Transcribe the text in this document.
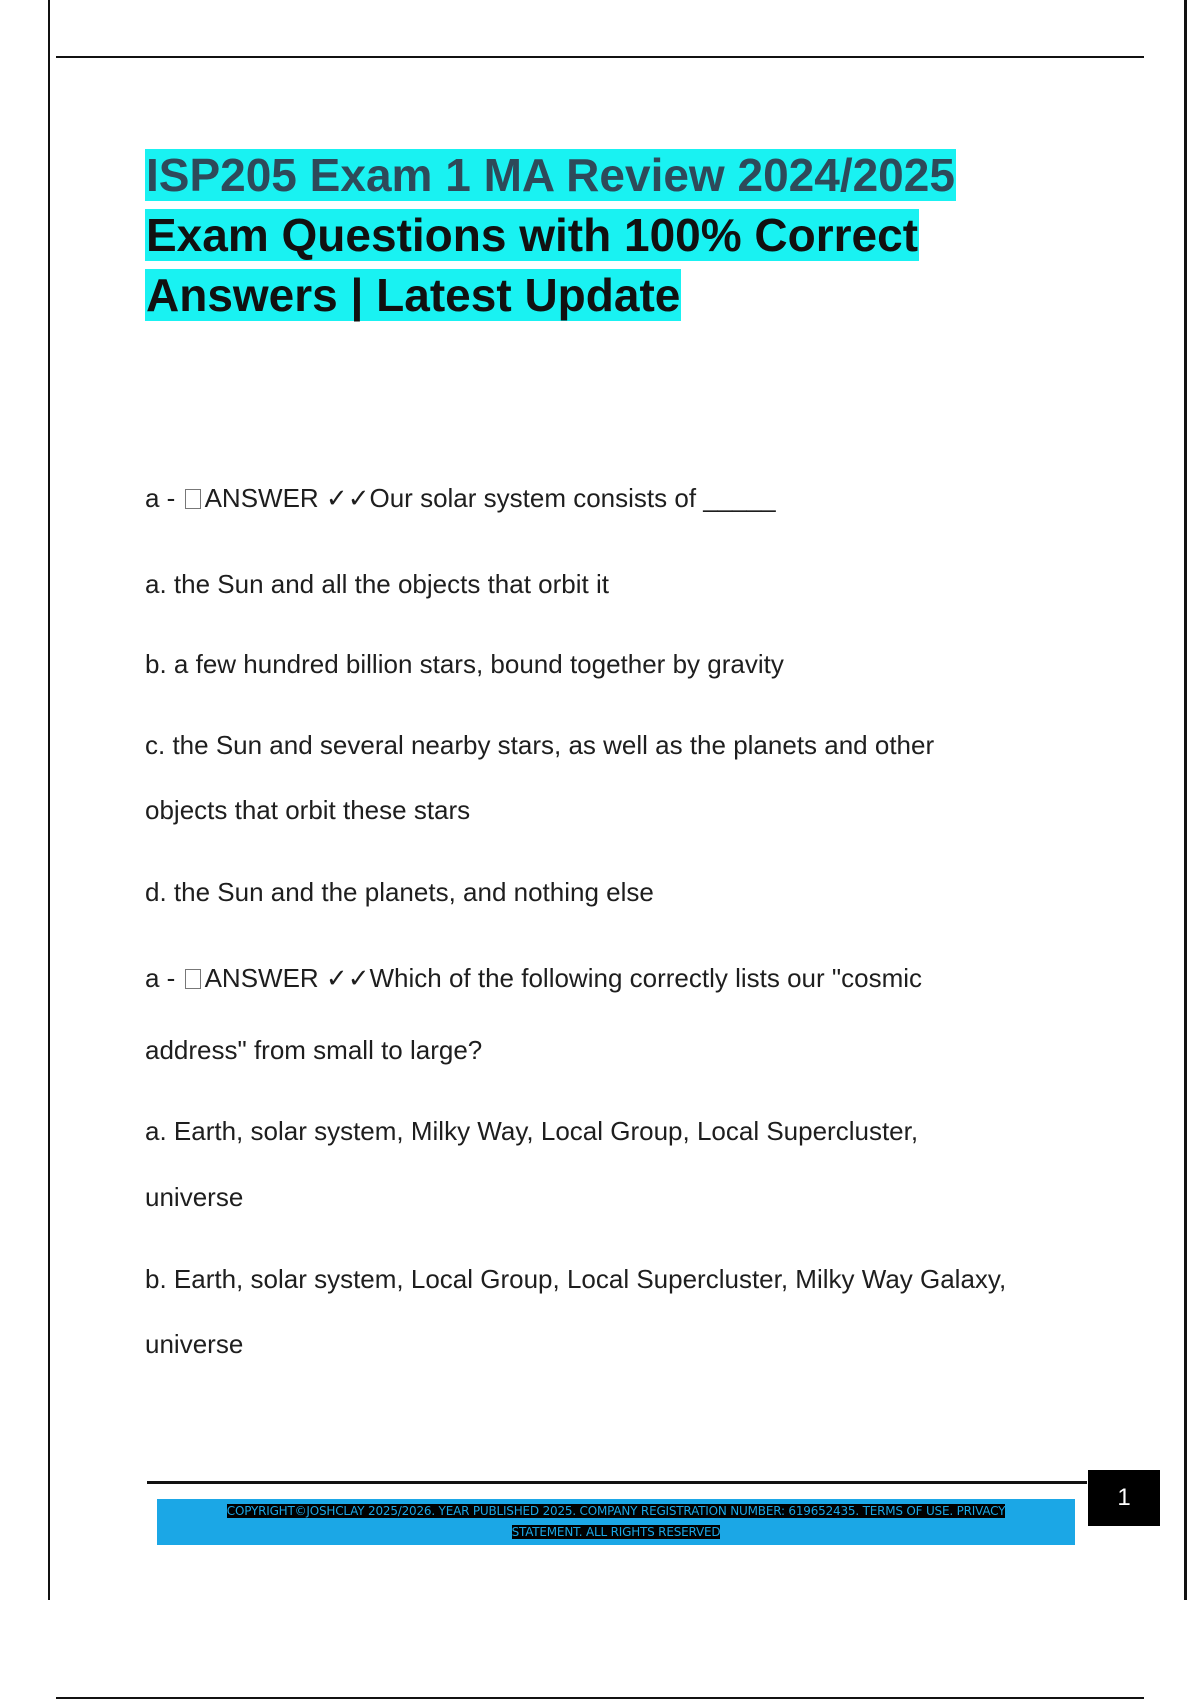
ISP205 Exam 1 MA Review 2024/2025
Exam Questions with 100% Correct
Answers | Latest Update

a - ANSWER ✓✓Our solar system consists of _____

a. the Sun and all the objects that orbit it

b. a few hundred billion stars, bound together by gravity

c. the Sun and several nearby stars, as well as the planets and other

objects that orbit these stars

d. the Sun and the planets, and nothing else

a - ANSWER ✓✓Which of the following correctly lists our "cosmic

address" from small to large?

a. Earth, solar system, Milky Way, Local Group, Local Supercluster,

universe

b. Earth, solar system, Local Group, Local Supercluster, Milky Way Galaxy,

universe

1
COPYRIGHT©JOSHCLAY 2025/2026. YEAR PUBLISHED 2025. COMPANY REGISTRATION NUMBER: 619652435. TERMS OF USE. PRIVACY
STATEMENT. ALL RIGHTS RESERVED
